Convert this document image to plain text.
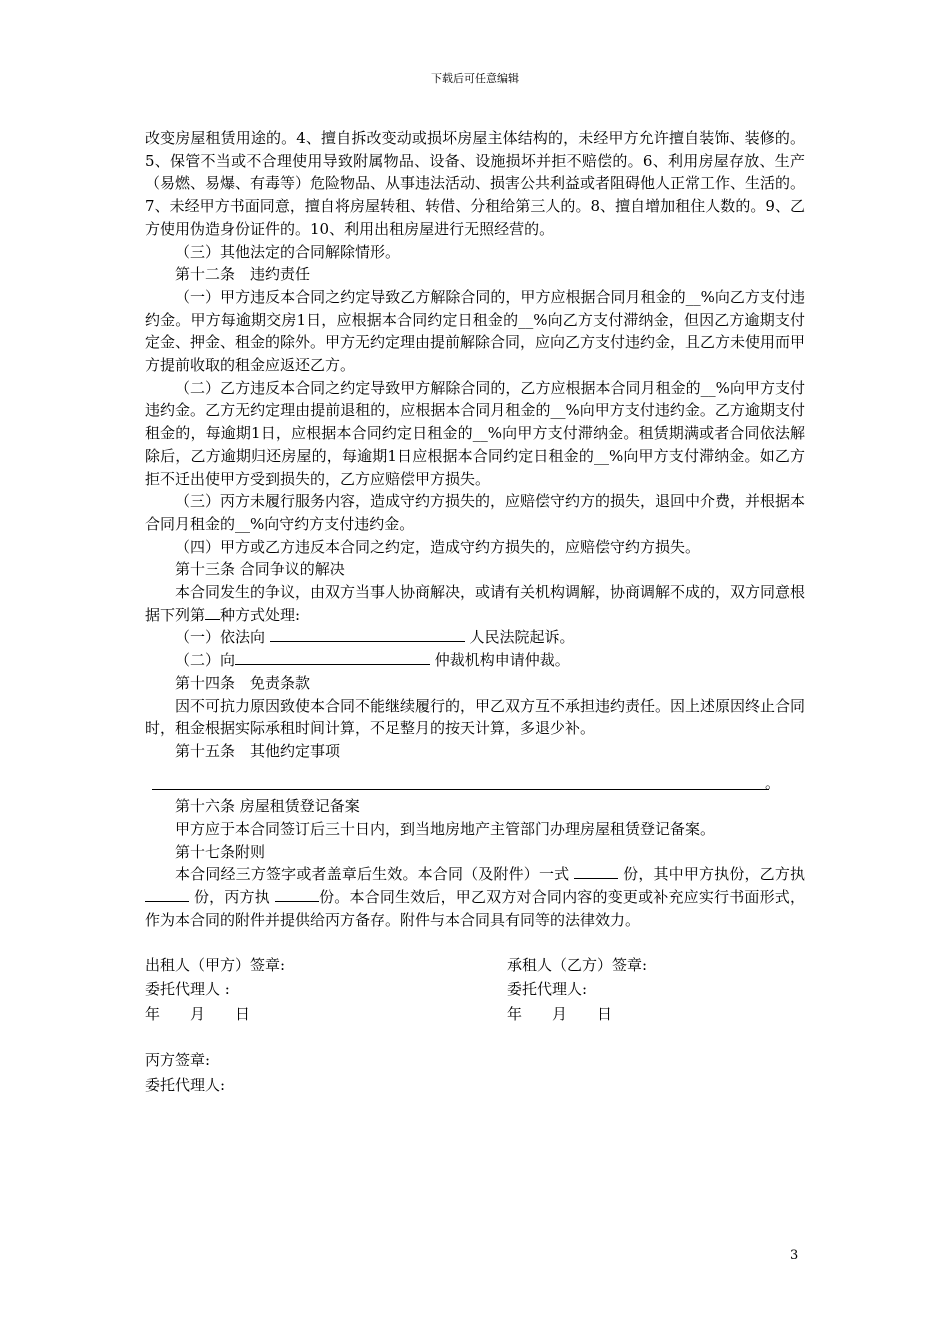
下载后可任意编辑

改变房屋租赁用途的。4、擅自拆改变动或损坏房屋主体结构的，未经甲方允许擅自装饰、装修的。5、保管不当或不合理使用导致附属物品、设备、设施损坏并拒不赔偿的。6、利用房屋存放、生产（易燃、易爆、有毒等）危险物品、从事违法活动、损害公共利益或者阻碍他人正常工作、生活的。 7、未经甲方书面同意，擅自将房屋转租、转借、分租给第三人的。8、擅自增加租住人数的。9、乙方使用伪造身份证件的。10、利用出租房屋进行无照经营的。

（三）其他法定的合同解除情形。

第十二条　违约责任

（一）甲方违反本合同之约定导致乙方解除合同的，甲方应根据合同月租金的__%向乙方支付违约金。甲方每逾期交房1日，应根据本合同约定日租金的__%向乙方支付滞纳金，但因乙方逾期支付定金、押金、租金的除外。甲方无约定理由提前解除合同，应向乙方支付违约金，且乙方未使用而甲方提前收取的租金应返还乙方。

（二）乙方违反本合同之约定导致甲方解除合同的，乙方应根据本合同月租金的__%向甲方支付违约金。乙方无约定理由提前退租的，应根据本合同月租金的__%向甲方支付违约金。乙方逾期支付租金的，每逾期1日，应根据本合同约定日租金的__%向甲方支付滞纳金。租赁期满或者合同依法解除后，乙方逾期归还房屋的，每逾期1日应根据本合同约定日租金的__%向甲方支付滞纳金。如乙方拒不迁出使甲方受到损失的，乙方应赔偿甲方损失。

（三）丙方未履行服务内容，造成守约方损失的，应赔偿守约方的损失，退回中介费，并根据本合同月租金的__%向守约方支付违约金。

（四）甲方或乙方违反本合同之约定，造成守约方损失的，应赔偿守约方损失。

第十三条 合同争议的解决

本合同发生的争议，由双方当事人协商解决，或请有关机构调解，协商调解不成的，双方同意根据下列第 种方式处理:

（一）依法向	人民法院起诉。

（二）向	仲裁机构申请仲裁。

第十四条　免责条款

因不可抗力原因致使本合同不能继续履行的，甲乙双方互不承担违约责任。因上述原因终止合同时，租金根据实际承租时间计算，不足整月的按天计算，多退少补。

第十五条　其他约定事项

。

第十六条 房屋租赁登记备案

甲方应于本合同签订后三十日内，到当地房地产主管部门办理房屋租赁登记备案。

第十七条附则

本合同经三方签字或者盖章后生效。本合同（及附件）一式	份，其中甲方执份，乙方执 份，丙方执	份。本合同生效后，甲乙双方对合同内容的变更或补充应实行书面形式，作为本合同的附件并提供给丙方备存。附件与本合同具有同等的法律效力。

出租人（甲方）签章:	承租人（乙方）签章:
委托代理人 :	委托代理人:
年 月 日	年 月 日
丙方签章:
委托代理人:
3
